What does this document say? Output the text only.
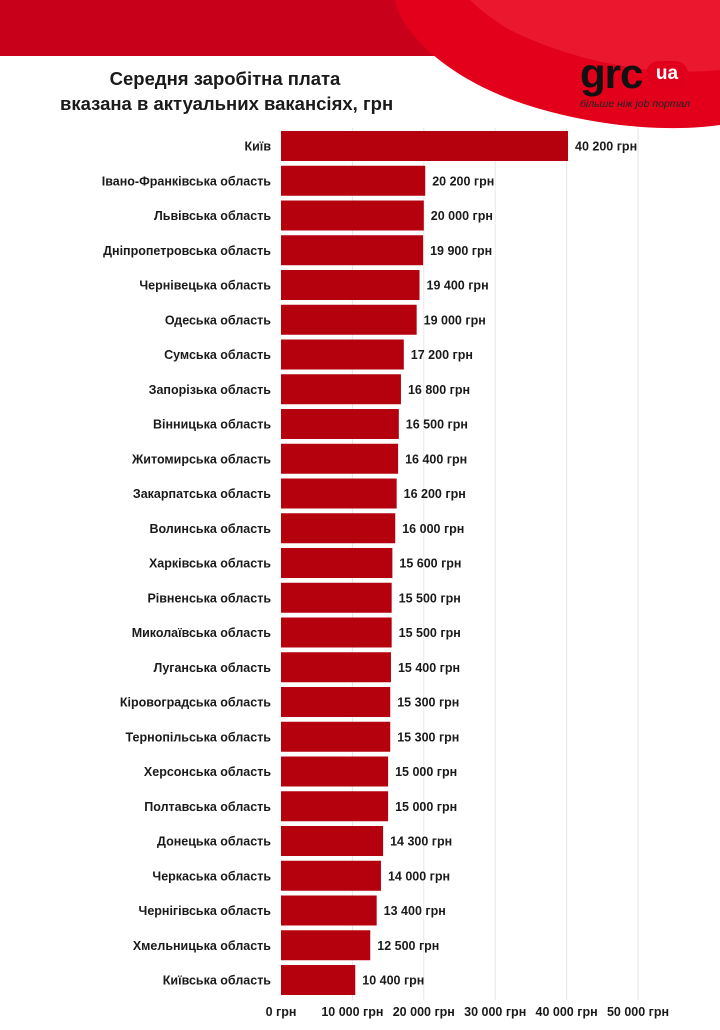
Середня заробітна плата
вказана в актуальних вакансіях, грн
grc ua
більше ніж job портал
Київ	40 200 грн
Івано-Франківська область	20 200 грн
Львівська область	20 000 грн
Дніпропетровська область	19 900 грн
Чернівецька область	19 400 грн
Одеська область	19 000 грн
Сумська область	17 200 грн
Запорізька область	16 800 грн
Вінницька область	16 500 грн
Житомирська область	16 400 грн
Закарпатська область	16 200 грн
Волинська область	16 000 грн
Харківська область	15 600 грн
Рівненська область	15 500 грн
Миколаївська область	15 500 грн
Луганська область	15 400 грн
Кіровоградська область	15 300 грн
Тернопільська область	15 300 грн
Херсонська область	15 000 грн
Полтавська область	15 000 грн
Донецька область	14 300 грн
Черкаська область	14 000 грн
Чернігівська область	13 400 грн
Хмельницька область	12 500 грн
Київська область	10 400 грн
0 грн 10 000 грн 20 000 грн 30 000 грн 40 000 грн 50 000 грн
